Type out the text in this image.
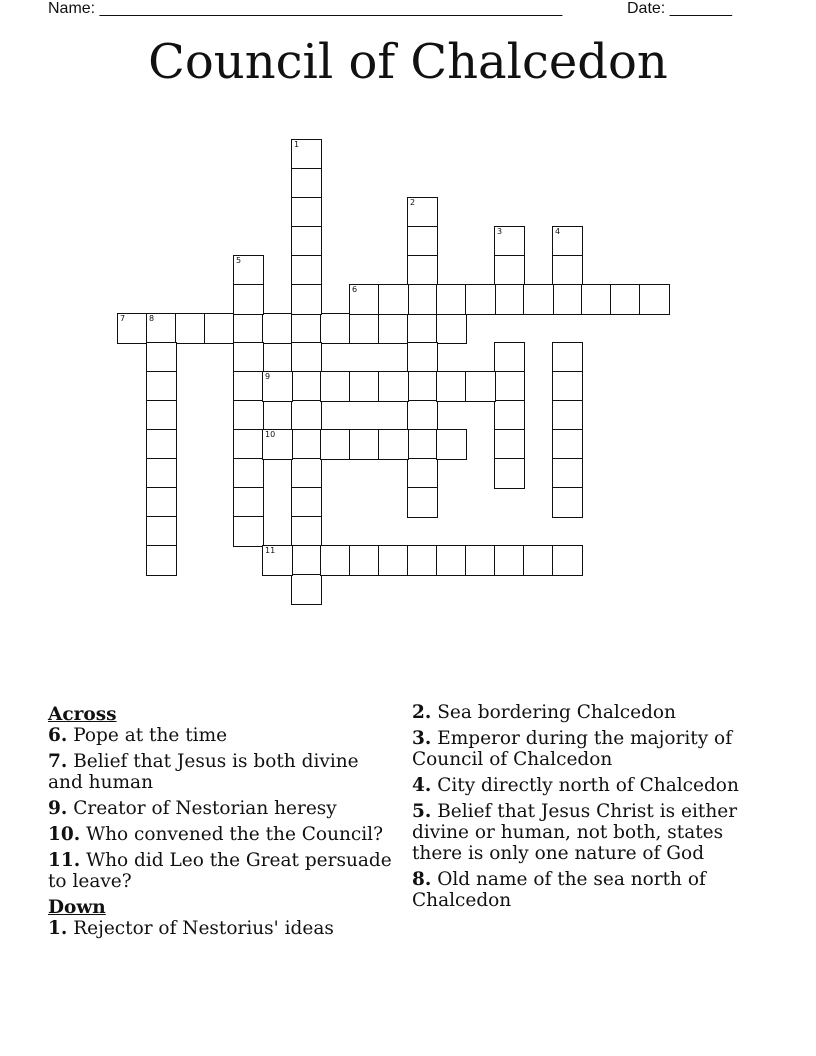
Name: ____________________________________________________	Date: _______
Council of Chalcedon
7	8
1
2
3	4
5
6
9
10
11
Across
6. Pope at the time
7. Belief that Jesus is both divine and human
9. Creator of Nestorian heresy
10. Who convened the the Council?
11. Who did Leo the Great persuade to leave?
Down
1. Rejector of Nestorius' ideas
2. Sea bordering Chalcedon
3. Emperor during the majority of Council of Chalcedon
4. City directly north of Chalcedon
5. Belief that Jesus Christ is either divine or human, not both, states there is only one nature of God
8. Old name of the sea north of Chalcedon
